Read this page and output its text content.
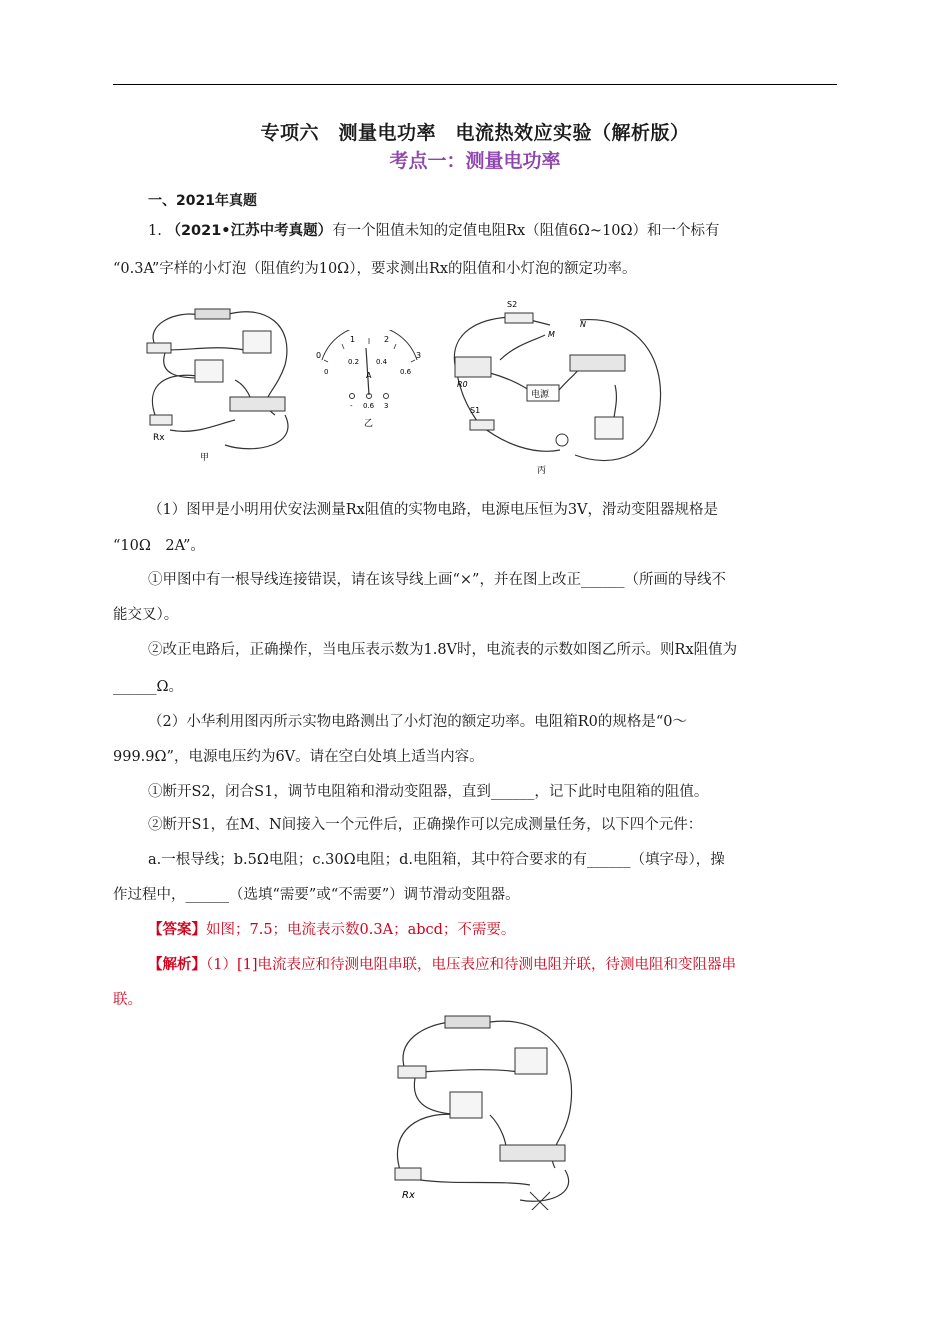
专项六　测量电功率　电流热效应实验（解析版）
考点一：测量电功率
一、2021年真题
1. （2021•江苏中考真题）有一个阻值未知的定值电阻Rx（阻值6Ω~10Ω）和一个标有
“0.3A”字样的小灯泡（阻值约为10Ω），要求测出Rx的阻值和小灯泡的额定功率。
Rx
甲
1	2
0	3
0.2 0.4
0	0.6
A
- 0.6 3
乙
S2
M
N
R0
电源
S1
丙
（1）图甲是小明用伏安法测量Rx阻值的实物电路，电源电压恒为3V，滑动变阻器规格是
“10Ω　2A”。
①甲图中有一根导线连接错误，请在该导线上画“×”，并在图上改正______（所画的导线不
能交叉）。
②改正电路后，正确操作，当电压表示数为1.8V时，电流表的示数如图乙所示。则Rx阻值为
______Ω。
（2）小华利用图丙所示实物电路测出了小灯泡的额定功率。电阻箱R0的规格是“0～
999.9Ω”，电源电压约为6V。请在空白处填上适当内容。
①断开S2，闭合S1，调节电阻箱和滑动变阻器，直到______，记下此时电阻箱的阻值。
②断开S1，在M、N间接入一个元件后，正确操作可以完成测量任务，以下四个元件：
a.一根导线；b.5Ω电阻；c.30Ω电阻；d.电阻箱，其中符合要求的有______（填字母），操
作过程中，______（选填“需要”或“不需要”）调节滑动变阻器。
【答案】如图；7.5；电流表示数0.3A；abcd；不需要。
【解析】（1）[1]电流表应和待测电阻串联，电压表应和待测电阻并联，待测电阻和变阻器串
联。
Rx
